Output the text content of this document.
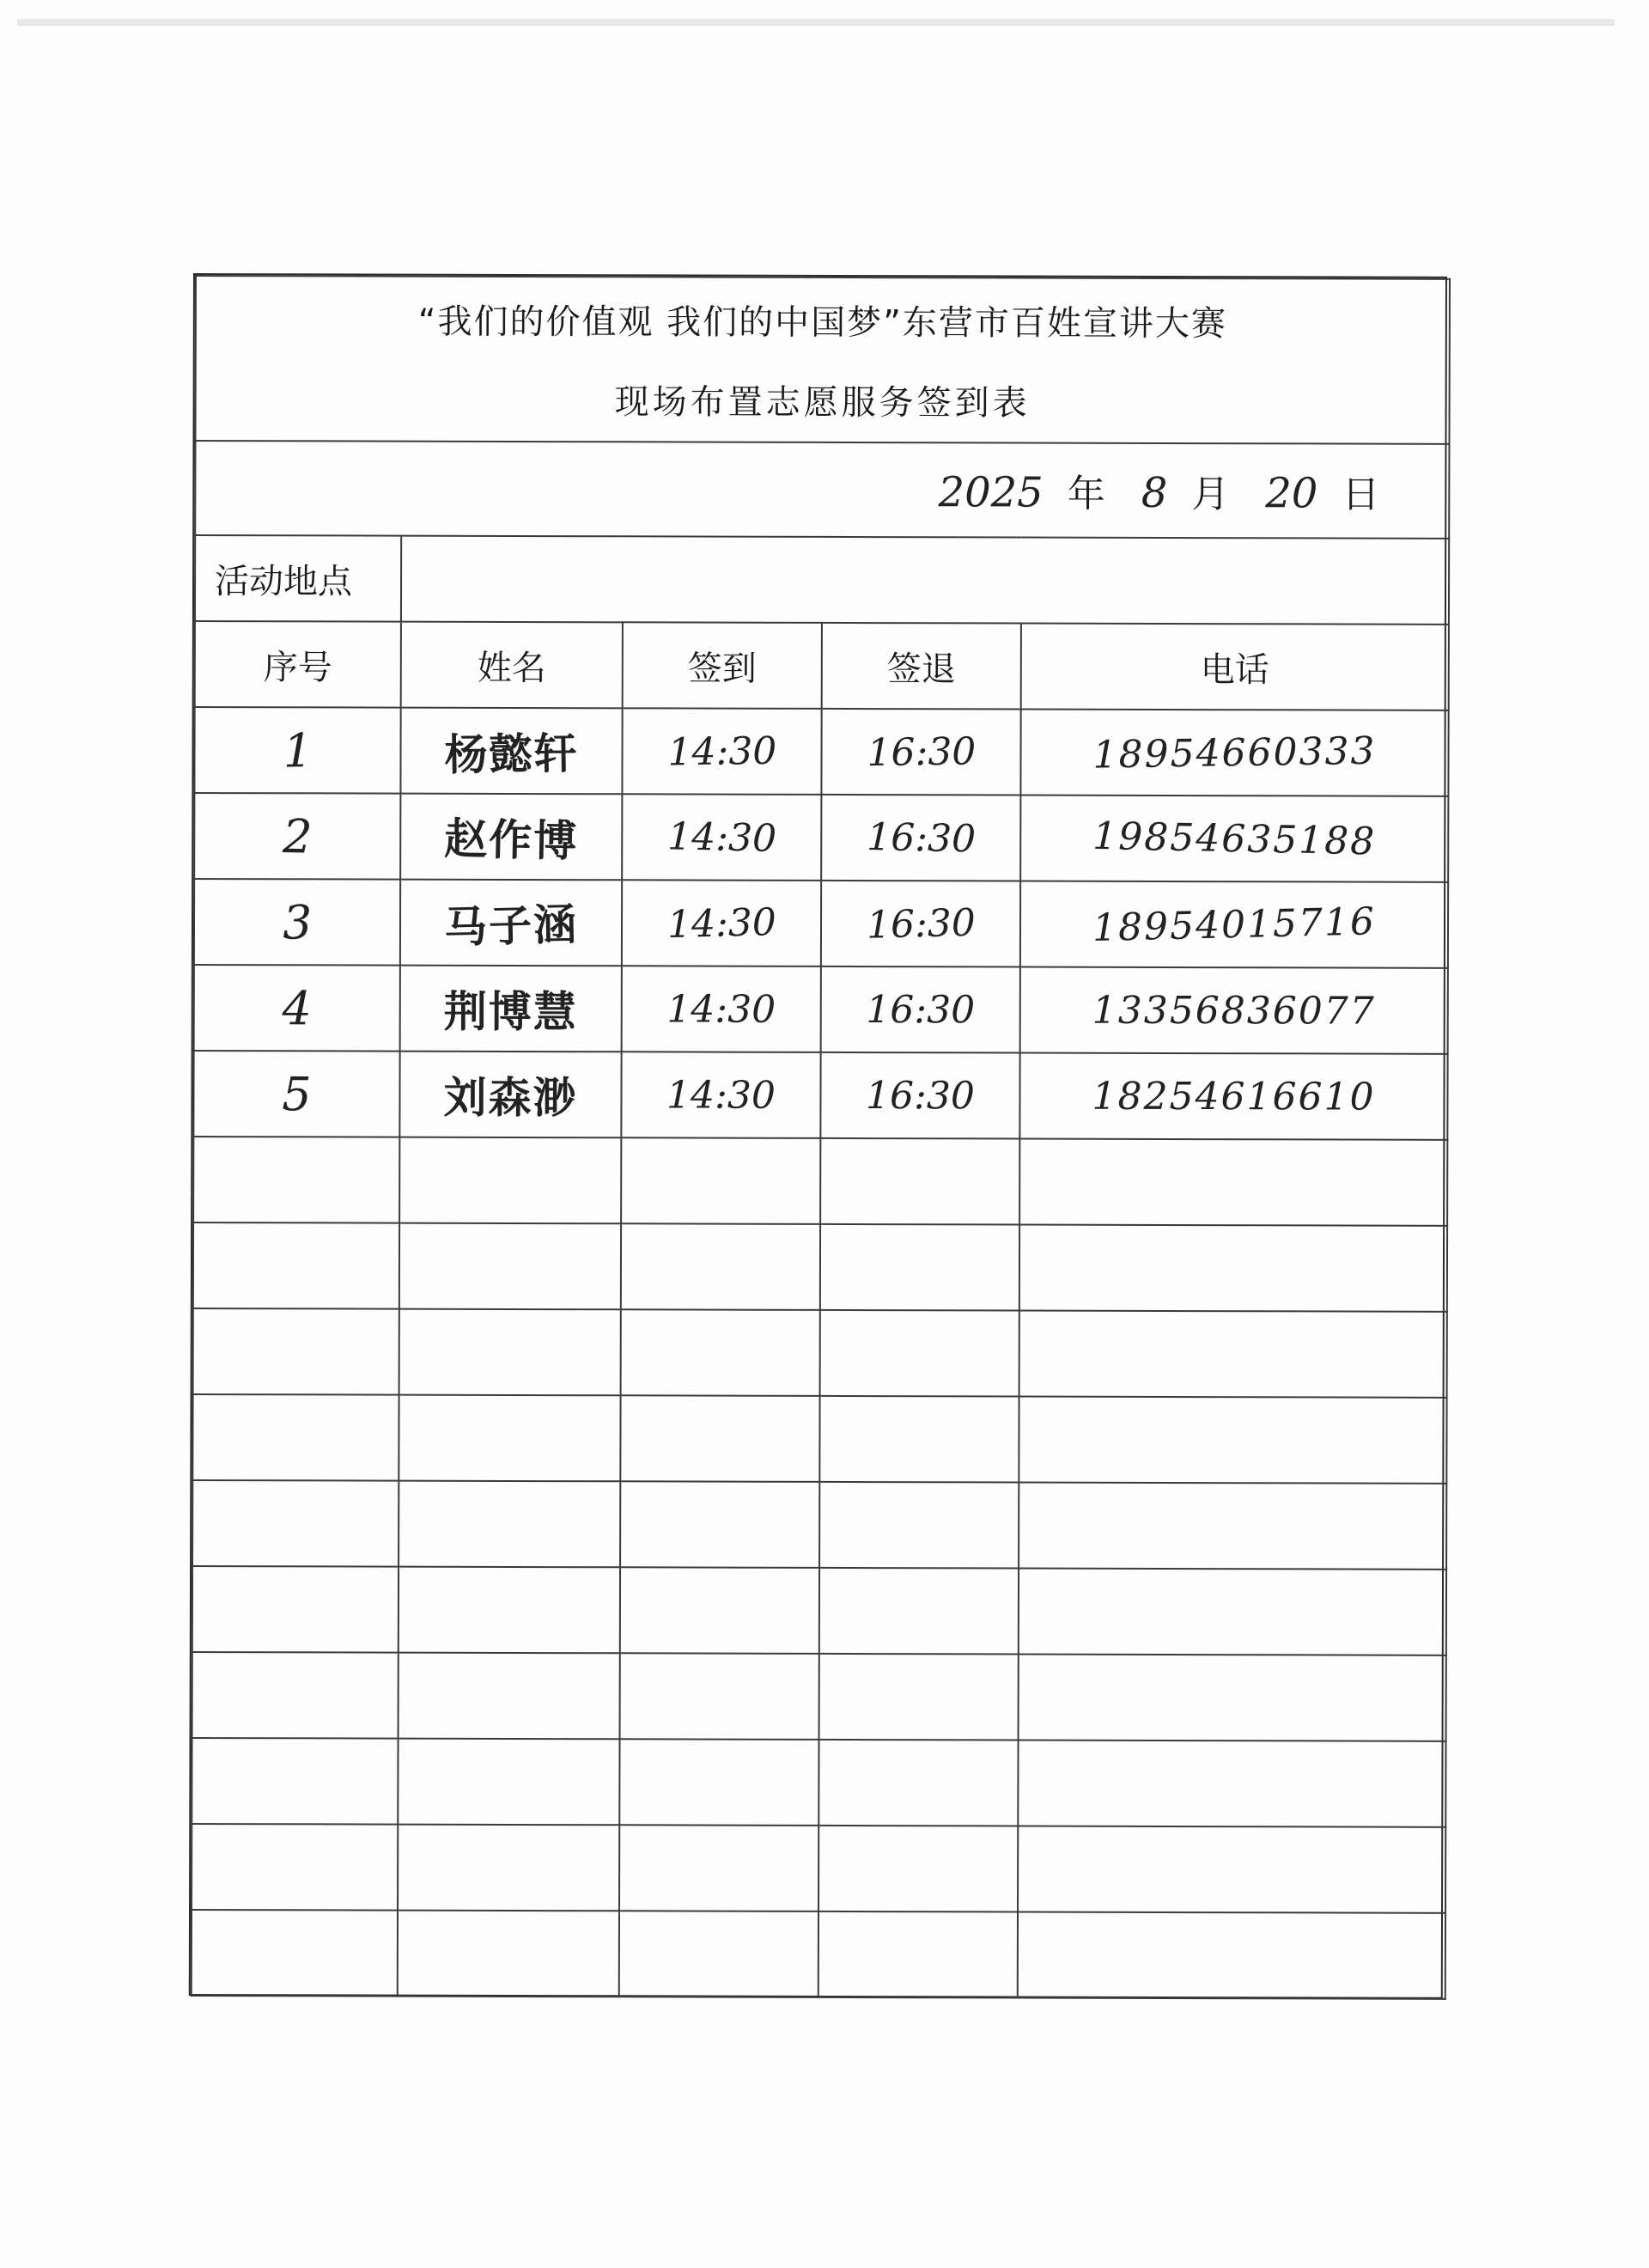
“我们的价值观 我们的中国梦”东营市百姓宣讲大赛
现场布置志愿服务签到表				

2025 年 8 月 20 日				
活动地点				
序号	姓名	签到	签退	电话
1	杨懿轩	14:30	16:30	18954660333
2	赵作博	14:30	16:30	19854635188
3	马子涵	14:30	16:30	18954015716
4	荆博慧	14:30	16:30	13356836077
5	刘森渺	14:30	16:30	18254616610
